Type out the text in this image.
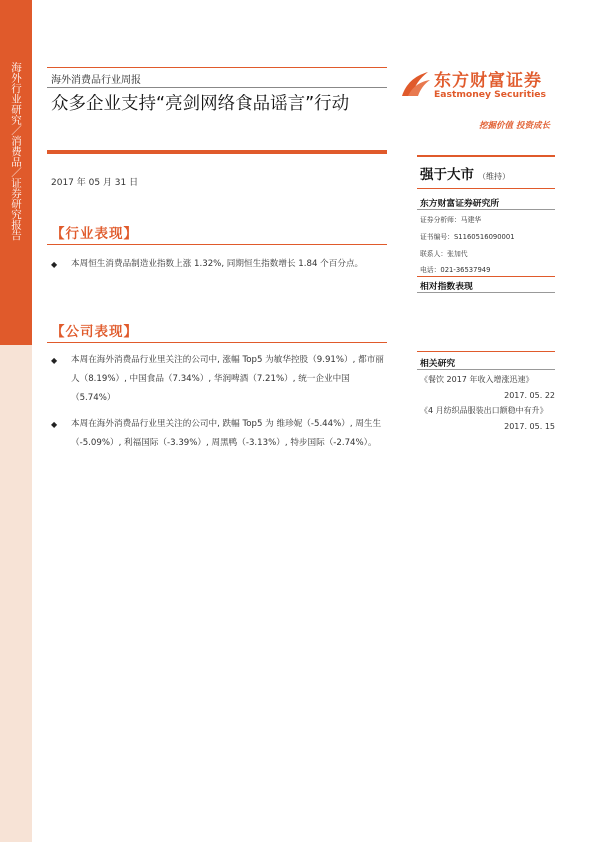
海外行业研究／消费品／证券研究报告	海外消费品行业周报
众多企业支持“亮剑网络食品谣言”行动
2017 年 05 月 31 日
【行业表现】
◆	本周恒生消费品制造业指数上涨 1.32%, 同期恒生指数增长 1.84 个百分点。
【公司表现】
◆	本周在海外消费品行业里关注的公司中, 涨幅 Top5 为敏华控股（9.91%）, 都市丽人（8.19%）, 中国食品（7.34%）, 华润啤酒（7.21%）, 统一企业中国（5.74%）
◆	本周在海外消费品行业里关注的公司中, 跌幅 Top5 为 维珍妮（-5.44%）, 周生生（-5.09%）, 利福国际（-3.39%）, 周黑鸭（-3.13%）, 特步国际（-2.74%）。
东方财富证券
Eastmoney Securities
挖掘价值 投资成长
强于大市 （维持）
东方财富证券研究所
证券分析师：马建华
证书编号：S1160516090001
联系人：张加代
电话：021-36537949
相对指数表现
相关研究
《餐饮 2017 年收入增涨迅速》
2017. 05. 22
《4 月纺织品服装出口额稳中有升》
2017. 05. 15
